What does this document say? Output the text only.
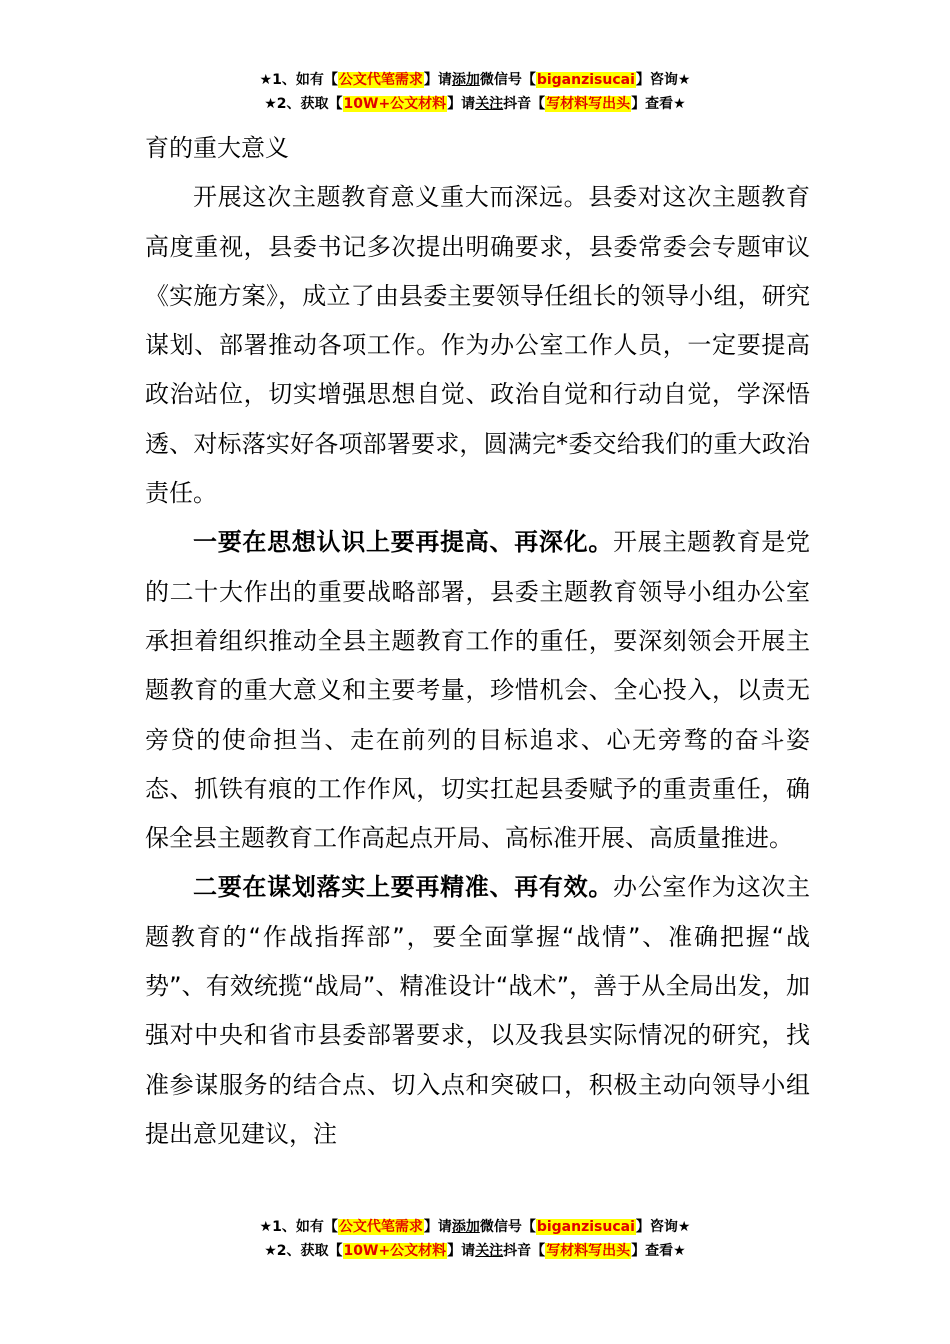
★1、如有【公文代笔需求】请添加微信号【biganzisucai】咨询★
★2、获取【10W+公文材料】请关注抖音【写材料写出头】查看★

育的重大意义

开展这次主题教育意义重大而深远。县委对这次主题教育高度重视，县委书记多次提出明确要求，县委常委会专题审议《实施方案》，成立了由县委主要领导任组长的领导小组，研究谋划、部署推动各项工作。作为办公室工作人员，一定要提高政治站位，切实增强思想自觉、政治自觉和行动自觉，学深悟透、对标落实好各项部署要求，圆满完*委交给我们的重大政治责任。

一要在思想认识上要再提高、再深化。开展主题教育是党的二十大作出的重要战略部署，县委主题教育领导小组办公室承担着组织推动全县主题教育工作的重任，要深刻领会开展主题教育的重大意义和主要考量，珍惜机会、全心投入，以责无旁贷的使命担当、走在前列的目标追求、心无旁骛的奋斗姿态、抓铁有痕的工作作风，切实扛起县委赋予的重责重任，确保全县主题教育工作高起点开局、高标准开展、高质量推进。

二要在谋划落实上要再精准、再有效。办公室作为这次主题教育的“作战指挥部”，要全面掌握“战情”、准确把握“战势”、有效统揽“战局”、精准设计“战术”，善于从全局出发，加强对中央和省市县委部署要求，以及我县实际情况的研究，找准参谋服务的结合点、切入点和突破口，积极主动向领导小组提出意见建议，注

★1、如有【公文代笔需求】请添加微信号【biganzisucai】咨询★
★2、获取【10W+公文材料】请关注抖音【写材料写出头】查看★
